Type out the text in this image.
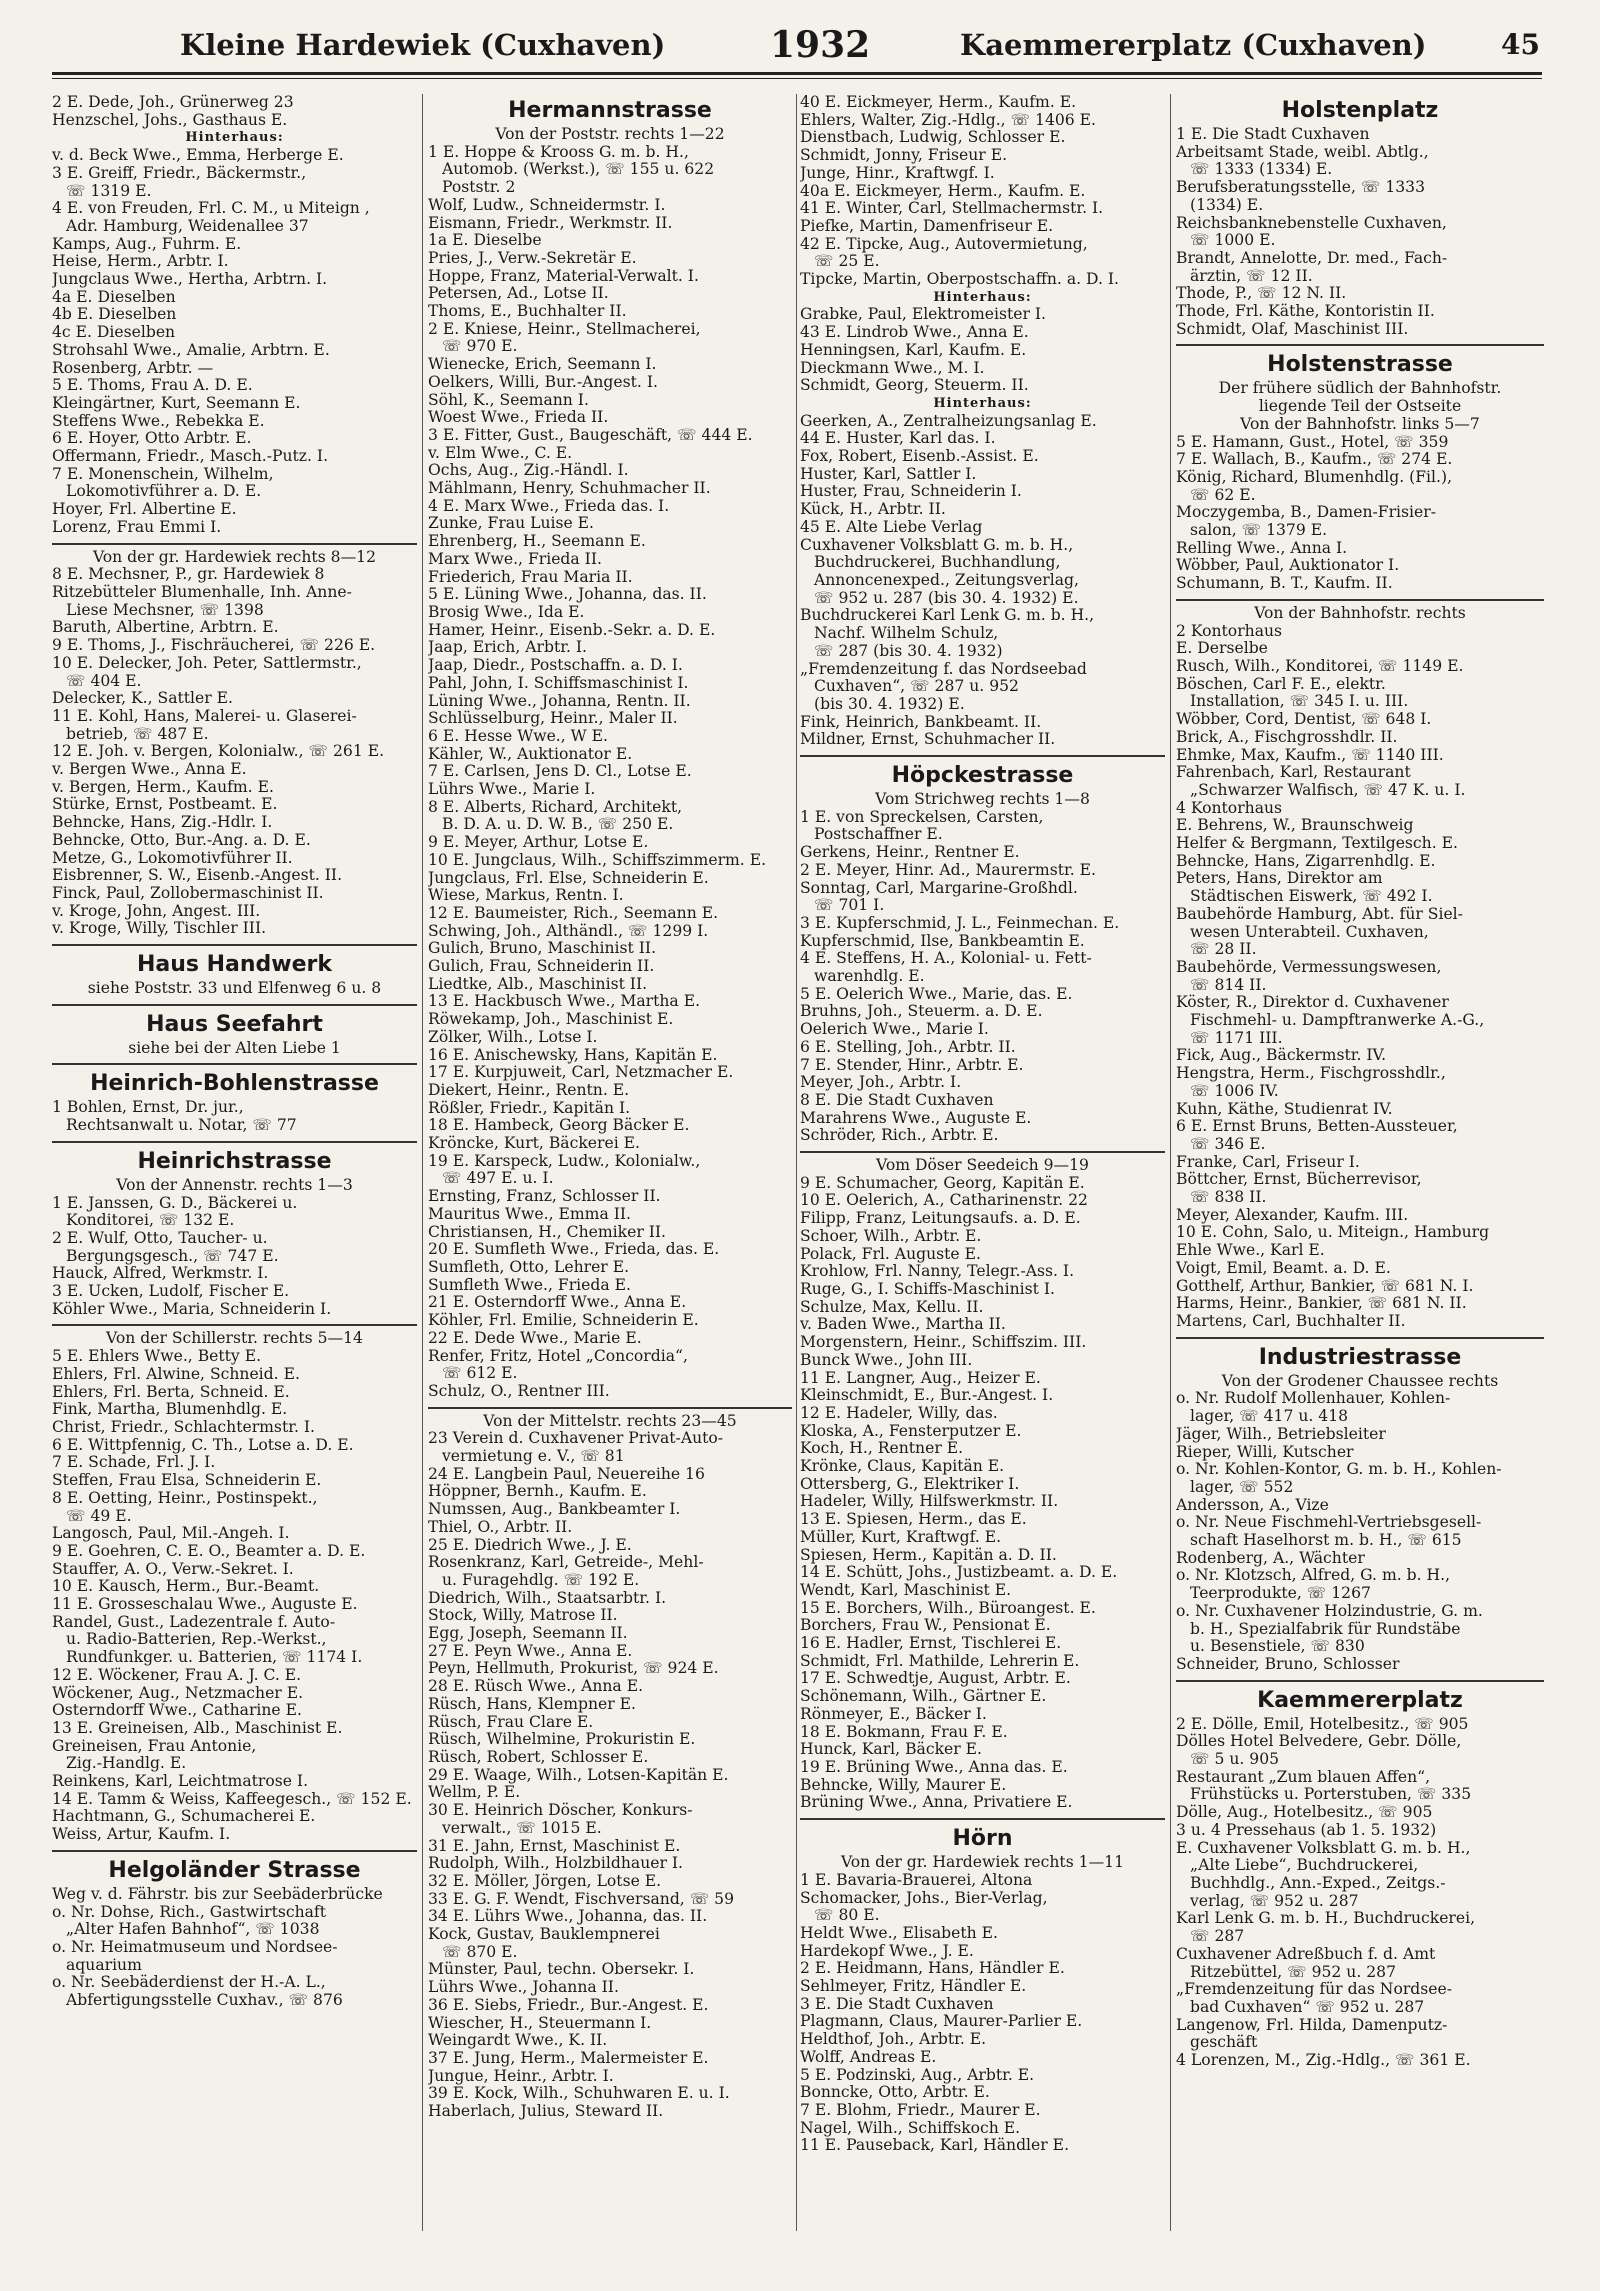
Kleine Hardewiek (Cuxhaven)	1932	Kaemmererplatz (Cuxhaven)	45
2 E. Dede, Joh., Grünerweg 23
Henzschel, Johs., Gasthaus E.
Hinterhaus:
v. d. Beck Wwe., Emma, Herberge E.
3 E. Greiff, Friedr., Bäckermstr.,
☏ 1319 E.
4 E. von Freuden, Frl. C. M., u Miteign ,
Adr. Hamburg, Weidenallee 37
Kamps, Aug., Fuhrm. E.
Heise, Herm., Arbtr. I.
Jungclaus Wwe., Hertha, Arbtrn. I.
4a E. Dieselben
4b E. Dieselben
4c E. Dieselben
Strohsahl Wwe., Amalie, Arbtrn. E.
Rosenberg, Arbtr. —
5 E. Thoms, Frau A. D. E.
Kleingärtner, Kurt, Seemann E.
Steffens Wwe., Rebekka E.
6 E. Hoyer, Otto Arbtr. E.
Offermann, Friedr., Masch.-Putz. I.
7 E. Monenschein, Wilhelm,
Lokomotivführer a. D. E.
Hoyer, Frl. Albertine E.
Lorenz, Frau Emmi I.
Von der gr. Hardewiek rechts 8—12
8 E. Mechsner, P., gr. Hardewiek 8
Ritzebütteler Blumenhalle, Inh. Anne-
Liese Mechsner, ☏ 1398
Baruth, Albertine, Arbtrn. E.
9 E. Thoms, J., Fischräucherei, ☏ 226 E.
10 E. Delecker, Joh. Peter, Sattlermstr.,
☏ 404 E.
Delecker, K., Sattler E.
11 E. Kohl, Hans, Malerei- u. Glaserei-
betrieb, ☏ 487 E.
12 E. Joh. v. Bergen, Kolonialw., ☏ 261 E.
v. Bergen Wwe., Anna E.
v. Bergen, Herm., Kaufm. E.
Stürke, Ernst, Postbeamt. E.
Behncke, Hans, Zig.-Hdlr. I.
Behncke, Otto, Bur.-Ang. a. D. E.
Metze, G., Lokomotivführer II.
Eisbrenner, S. W., Eisenb.-Angest. II.
Finck, Paul, Zollobermaschinist II.
v. Kroge, John, Angest. III.
v. Kroge, Willy, Tischler III.
Haus Handwerk
siehe Poststr. 33 und Elfenweg 6 u. 8
Haus Seefahrt
siehe bei der Alten Liebe 1
Heinrich-Bohlenstrasse
1 Bohlen, Ernst, Dr. jur.,
Rechtsanwalt u. Notar, ☏ 77
Heinrichstrasse
Von der Annenstr. rechts 1—3
1 E. Janssen, G. D., Bäckerei u.
Konditorei, ☏ 132 E.
2 E. Wulf, Otto, Taucher- u.
Bergungsgesch., ☏ 747 E.
Hauck, Alfred, Werkmstr. I.
3 E. Ucken, Ludolf, Fischer E.
Köhler Wwe., Maria, Schneiderin I.
Von der Schillerstr. rechts 5—14
5 E. Ehlers Wwe., Betty E.
Ehlers, Frl. Alwine, Schneid. E.
Ehlers, Frl. Berta, Schneid. E.
Fink, Martha, Blumenhdlg. E.
Christ, Friedr., Schlachtermstr. I.
6 E. Wittpfennig, C. Th., Lotse a. D. E.
7 E. Schade, Frl. J. I.
Steffen, Frau Elsa, Schneiderin E.
8 E. Oetting, Heinr., Postinspekt.,
☏ 49 E.
Langosch, Paul, Mil.-Angeh. I.
9 E. Goehren, C. E. O., Beamter a. D. E.
Stauffer, A. O., Verw.-Sekret. I.
10 E. Kausch, Herm., Bur.-Beamt.
11 E. Grosseschalau Wwe., Auguste E.
Randel, Gust., Ladezentrale f. Auto-
u. Radio-Batterien, Rep.-Werkst.,
Rundfunkger. u. Batterien, ☏ 1174 I.
12 E. Wöckener, Frau A. J. C. E.
Wöckener, Aug., Netzmacher E.
Osterndorff Wwe., Catharine E.
13 E. Greineisen, Alb., Maschinist E.
Greineisen, Frau Antonie,
Zig.-Handlg. E.
Reinkens, Karl, Leichtmatrose I.
14 E. Tamm & Weiss, Kaffeegesch., ☏ 152 E.
Hachtmann, G., Schumacherei E.
Weiss, Artur, Kaufm. I.
Helgoländer Strasse
Weg v. d. Fährstr. bis zur Seebäderbrücke
o. Nr. Dohse, Rich., Gastwirtschaft
„Alter Hafen Bahnhof“, ☏ 1038
o. Nr. Heimatmuseum und Nordsee-
aquarium
o. Nr. Seebäderdienst der H.-A. L.,
Abfertigungsstelle Cuxhav., ☏ 876
Hermannstrasse
Von der Poststr. rechts 1—22
1 E. Hoppe & Krooss G. m. b. H.,
Automob. (Werkst.), ☏ 155 u. 622
Poststr. 2
Wolf, Ludw., Schneidermstr. I.
Eismann, Friedr., Werkmstr. II.
1a E. Dieselbe
Pries, J., Verw.-Sekretär E.
Hoppe, Franz, Material-Verwalt. I.
Petersen, Ad., Lotse II.
Thoms, E., Buchhalter II.
2 E. Kniese, Heinr., Stellmacherei,
☏ 970 E.
Wienecke, Erich, Seemann I.
Oelkers, Willi, Bur.-Angest. I.
Söhl, K., Seemann I.
Woest Wwe., Frieda II.
3 E. Fitter, Gust., Baugeschäft, ☏ 444 E.
v. Elm Wwe., C. E.
Ochs, Aug., Zig.-Händl. I.
Mählmann, Henry, Schuhmacher II.
4 E. Marx Wwe., Frieda das. I.
Zunke, Frau Luise E.
Ehrenberg, H., Seemann E.
Marx Wwe., Frieda II.
Friederich, Frau Maria II.
5 E. Lüning Wwe., Johanna, das. II.
Brosig Wwe., Ida E.
Hamer, Heinr., Eisenb.-Sekr. a. D. E.
Jaap, Erich, Arbtr. I.
Jaap, Diedr., Postschaffn. a. D. I.
Pahl, John, I. Schiffsmaschinist I.
Lüning Wwe., Johanna, Rentn. II.
Schlüsselburg, Heinr., Maler II.
6 E. Hesse Wwe., W E.
Kähler, W., Auktionator E.
7 E. Carlsen, Jens D. Cl., Lotse E.
Lührs Wwe., Marie I.
8 E. Alberts, Richard, Architekt,
B. D. A. u. D. W. B., ☏ 250 E.
9 E. Meyer, Arthur, Lotse E.
10 E. Jungclaus, Wilh., Schiffszimmerm. E.
Jungclaus, Frl. Else, Schneiderin E.
Wiese, Markus, Rentn. I.
12 E. Baumeister, Rich., Seemann E.
Schwing, Joh., Althändl., ☏ 1299 I.
Gulich, Bruno, Maschinist II.
Gulich, Frau, Schneiderin II.
Liedtke, Alb., Maschinist II.
13 E. Hackbusch Wwe., Martha E.
Röwekamp, Joh., Maschinist E.
Zölker, Wilh., Lotse I.
16 E. Anischewsky, Hans, Kapitän E.
17 E. Kurpjuweit, Carl, Netzmacher E.
Diekert, Heinr., Rentn. E.
Rößler, Friedr., Kapitän I.
18 E. Hambeck, Georg Bäcker E.
Kröncke, Kurt, Bäckerei E.
19 E. Karspeck, Ludw., Kolonialw.,
☏ 497 E. u. I.
Ernsting, Franz, Schlosser II.
Mauritus Wwe., Emma II.
Christiansen, H., Chemiker II.
20 E. Sumfleth Wwe., Frieda, das. E.
Sumfleth, Otto, Lehrer E.
Sumfleth Wwe., Frieda E.
21 E. Osterndorff Wwe., Anna E.
Köhler, Frl. Emilie, Schneiderin E.
22 E. Dede Wwe., Marie E.
Renfer, Fritz, Hotel „Concordia“,
☏ 612 E.
Schulz, O., Rentner III.
Von der Mittelstr. rechts 23—45
23 Verein d. Cuxhavener Privat-Auto-
vermietung e. V., ☏ 81
24 E. Langbein Paul, Neuereihe 16
Höppner, Bernh., Kaufm. E.
Numssen, Aug., Bankbeamter I.
Thiel, O., Arbtr. II.
25 E. Diedrich Wwe., J. E.
Rosenkranz, Karl, Getreide-, Mehl-
u. Furagehdlg. ☏ 192 E.
Diedrich, Wilh., Staatsarbtr. I.
Stock, Willy, Matrose II.
Egg, Joseph, Seemann II.
27 E. Peyn Wwe., Anna E.
Peyn, Hellmuth, Prokurist, ☏ 924 E.
28 E. Rüsch Wwe., Anna E.
Rüsch, Hans, Klempner E.
Rüsch, Frau Clare E.
Rüsch, Wilhelmine, Prokuristin E.
Rüsch, Robert, Schlosser E.
29 E. Waage, Wilh., Lotsen-Kapitän E.
Wellm, P. E.
30 E. Heinrich Döscher, Konkurs-
verwalt., ☏ 1015 E.
31 E. Jahn, Ernst, Maschinist E.
Rudolph, Wilh., Holzbildhauer I.
32 E. Möller, Jörgen, Lotse E.
33 E. G. F. Wendt, Fischversand, ☏ 59
34 E. Lührs Wwe., Johanna, das. II.
Kock, Gustav, Bauklempnerei
☏ 870 E.
Münster, Paul, techn. Obersekr. I.
Lührs Wwe., Johanna II.
36 E. Siebs, Friedr., Bur.-Angest. E.
Wiescher, H., Steuermann I.
Weingardt Wwe., K. II.
37 E. Jung, Herm., Malermeister E.
Jungue, Heinr., Arbtr. I.
39 E. Kock, Wilh., Schuhwaren E. u. I.
Haberlach, Julius, Steward II.
40 E. Eickmeyer, Herm., Kaufm. E.
Ehlers, Walter, Zig.-Hdlg., ☏ 1406 E.
Dienstbach, Ludwig, Schlosser E.
Schmidt, Jonny, Friseur E.
Junge, Hinr., Kraftwgf. I.
40a E. Eickmeyer, Herm., Kaufm. E.
41 E. Winter, Carl, Stellmachermstr. I.
Piefke, Martin, Damenfriseur E.
42 E. Tipcke, Aug., Autovermietung,
☏ 25 E.
Tipcke, Martin, Oberpostschaffn. a. D. I.
Hinterhaus:
Grabke, Paul, Elektromeister I.
43 E. Lindrob Wwe., Anna E.
Henningsen, Karl, Kaufm. E.
Dieckmann Wwe., M. I.
Schmidt, Georg, Steuerm. II.
Hinterhaus:
Geerken, A., Zentralheizungsanlag E.
44 E. Huster, Karl das. I.
Fox, Robert, Eisenb.-Assist. E.
Huster, Karl, Sattler I.
Huster, Frau, Schneiderin I.
Kück, H., Arbtr. II.
45 E. Alte Liebe Verlag
Cuxhavener Volksblatt G. m. b. H.,
Buchdruckerei, Buchhandlung,
Annoncenexped., Zeitungsverlag,
☏ 952 u. 287 (bis 30. 4. 1932) E.
Buchdruckerei Karl Lenk G. m. b. H.,
Nachf. Wilhelm Schulz,
☏ 287 (bis 30. 4. 1932)
„Fremdenzeitung f. das Nordseebad
Cuxhaven“, ☏ 287 u. 952
(bis 30. 4. 1932) E.
Fink, Heinrich, Bankbeamt. II.
Mildner, Ernst, Schuhmacher II.
Höpckestrasse
Vom Strichweg rechts 1—8
1 E. von Spreckelsen, Carsten,
Postschaffner E.
Gerkens, Heinr., Rentner E.
2 E. Meyer, Hinr. Ad., Maurermstr. E.
Sonntag, Carl, Margarine-Großhdl.
☏ 701 I.
3 E. Kupferschmid, J. L., Feinmechan. E.
Kupferschmid, Ilse, Bankbeamtin E.
4 E. Steffens, H. A., Kolonial- u. Fett-
warenhdlg. E.
5 E. Oelerich Wwe., Marie, das. E.
Bruhns, Joh., Steuerm. a. D. E.
Oelerich Wwe., Marie I.
6 E. Stelling, Joh., Arbtr. II.
7 E. Stender, Hinr., Arbtr. E.
Meyer, Joh., Arbtr. I.
8 E. Die Stadt Cuxhaven
Marahrens Wwe., Auguste E.
Schröder, Rich., Arbtr. E.
Vom Döser Seedeich 9—19
9 E. Schumacher, Georg, Kapitän E.
10 E. Oelerich, A., Catharinenstr. 22
Filipp, Franz, Leitungsaufs. a. D. E.
Schoer, Wilh., Arbtr. E.
Polack, Frl. Auguste E.
Krohlow, Frl. Nanny, Telegr.-Ass. I.
Ruge, G., I. Schiffs-Maschinist I.
Schulze, Max, Kellu. II.
v. Baden Wwe., Martha II.
Morgenstern, Heinr., Schiffszim. III.
Bunck Wwe., John III.
11 E. Langner, Aug., Heizer E.
Kleinschmidt, E., Bur.-Angest. I.
12 E. Hadeler, Willy, das.
Kloska, A., Fensterputzer E.
Koch, H., Rentner E.
Krönke, Claus, Kapitän E.
Ottersberg, G., Elektriker I.
Hadeler, Willy, Hilfswerkmstr. II.
13 E. Spiesen, Herm., das E.
Müller, Kurt, Kraftwgf. E.
Spiesen, Herm., Kapitän a. D. II.
14 E. Schütt, Johs., Justizbeamt. a. D. E.
Wendt, Karl, Maschinist E.
15 E. Borchers, Wilh., Büroangest. E.
Borchers, Frau W., Pensionat E.
16 E. Hadler, Ernst, Tischlerei E.
Schmidt, Frl. Mathilde, Lehrerin E.
17 E. Schwedtje, August, Arbtr. E.
Schönemann, Wilh., Gärtner E.
Rönmeyer, E., Bäcker I.
18 E. Bokmann, Frau F. E.
Hunck, Karl, Bäcker E.
19 E. Brüning Wwe., Anna das. E.
Behncke, Willy, Maurer E.
Brüning Wwe., Anna, Privatiere E.
Hörn
Von der gr. Hardewiek rechts 1—11
1 E. Bavaria-Brauerei, Altona
Schomacker, Johs., Bier-Verlag,
☏ 80 E.
Heldt Wwe., Elisabeth E.
Hardekopf Wwe., J. E.
2 E. Heidmann, Hans, Händler E.
Sehlmeyer, Fritz, Händler E.
3 E. Die Stadt Cuxhaven
Plagmann, Claus, Maurer-Parlier E.
Heldthof, Joh., Arbtr. E.
Wolff, Andreas E.
5 E. Podzinski, Aug., Arbtr. E.
Bonncke, Otto, Arbtr. E.
7 E. Blohm, Friedr., Maurer E.
Nagel, Wilh., Schiffskoch E.
11 E. Pauseback, Karl, Händler E.
Holstenplatz
1 E. Die Stadt Cuxhaven
Arbeitsamt Stade, weibl. Abtlg.,
☏ 1333 (1334) E.
Berufsberatungsstelle, ☏ 1333
(1334) E.
Reichsbanknebenstelle Cuxhaven,
☏ 1000 E.
Brandt, Annelotte, Dr. med., Fach-
ärztin, ☏ 12 II.
Thode, P., ☏ 12 N. II.
Thode, Frl. Käthe, Kontoristin II.
Schmidt, Olaf, Maschinist III.
Holstenstrasse
Der frühere südlich der Bahnhofstr.
liegende Teil der Ostseite
Von der Bahnhofstr. links 5—7
5 E. Hamann, Gust., Hotel, ☏ 359
7 E. Wallach, B., Kaufm., ☏ 274 E.
König, Richard, Blumenhdlg. (Fil.),
☏ 62 E.
Moczygemba, B., Damen-Frisier-
salon, ☏ 1379 E.
Relling Wwe., Anna I.
Wöbber, Paul, Auktionator I.
Schumann, B. T., Kaufm. II.
Von der Bahnhofstr. rechts
2 Kontorhaus
E. Derselbe
Rusch, Wilh., Konditorei, ☏ 1149 E.
Böschen, Carl F. E., elektr.
Installation, ☏ 345 I. u. III.
Wöbber, Cord, Dentist, ☏ 648 I.
Brick, A., Fischgrosshdlr. II.
Ehmke, Max, Kaufm., ☏ 1140 III.
Fahrenbach, Karl, Restaurant
„Schwarzer Walfisch, ☏ 47 K. u. I.
4 Kontorhaus
E. Behrens, W., Braunschweig
Helfer & Bergmann, Textilgesch. E.
Behncke, Hans, Zigarrenhdlg. E.
Peters, Hans, Direktor am
Städtischen Eiswerk, ☏ 492 I.
Baubehörde Hamburg, Abt. für Siel-
wesen Unterabteil. Cuxhaven,
☏ 28 II.
Baubehörde, Vermessungswesen,
☏ 814 II.
Köster, R., Direktor d. Cuxhavener
Fischmehl- u. Dampftranwerke A.-G.,
☏ 1171 III.
Fick, Aug., Bäckermstr. IV.
Hengstra, Herm., Fischgrosshdlr.,
☏ 1006 IV.
Kuhn, Käthe, Studienrat IV.
6 E. Ernst Bruns, Betten-Aussteuer,
☏ 346 E.
Franke, Carl, Friseur I.
Böttcher, Ernst, Bücherrevisor,
☏ 838 II.
Meyer, Alexander, Kaufm. III.
10 E. Cohn, Salo, u. Miteign., Hamburg
Ehle Wwe., Karl E.
Voigt, Emil, Beamt. a. D. E.
Gotthelf, Arthur, Bankier, ☏ 681 N. I.
Harms, Heinr., Bankier, ☏ 681 N. II.
Martens, Carl, Buchhalter II.
Industriestrasse
Von der Grodener Chaussee rechts
o. Nr. Rudolf Mollenhauer, Kohlen-
lager, ☏ 417 u. 418
Jäger, Wilh., Betriebsleiter
Rieper, Willi, Kutscher
o. Nr. Kohlen-Kontor, G. m. b. H., Kohlen-
lager, ☏ 552
Andersson, A., Vize
o. Nr. Neue Fischmehl-Vertriebsgesell-
schaft Haselhorst m. b. H., ☏ 615
Rodenberg, A., Wächter
o. Nr. Klotzsch, Alfred, G. m. b. H.,
Teerprodukte, ☏ 1267
o. Nr. Cuxhavener Holzindustrie, G. m.
b. H., Spezialfabrik für Rundstäbe
u. Besenstiele, ☏ 830
Schneider, Bruno, Schlosser
Kaemmererplatz
2 E. Dölle, Emil, Hotelbesitz., ☏ 905
Dölles Hotel Belvedere, Gebr. Dölle,
☏ 5 u. 905
Restaurant „Zum blauen Affen“,
Frühstücks u. Porterstuben, ☏ 335
Dölle, Aug., Hotelbesitz., ☏ 905
3 u. 4 Pressehaus (ab 1. 5. 1932)
E. Cuxhavener Volksblatt G. m. b. H.,
„Alte Liebe“, Buchdruckerei,
Buchhdlg., Ann.-Exped., Zeitgs.-
verlag, ☏ 952 u. 287
Karl Lenk G. m. b. H., Buchdruckerei,
☏ 287
Cuxhavener Adreßbuch f. d. Amt
Ritzebüttel, ☏ 952 u. 287
„Fremdenzeitung für das Nordsee-
bad Cuxhaven“ ☏ 952 u. 287
Langenow, Frl. Hilda, Damenputz-
geschäft
4 Lorenzen, M., Zig.-Hdlg., ☏ 361 E.
